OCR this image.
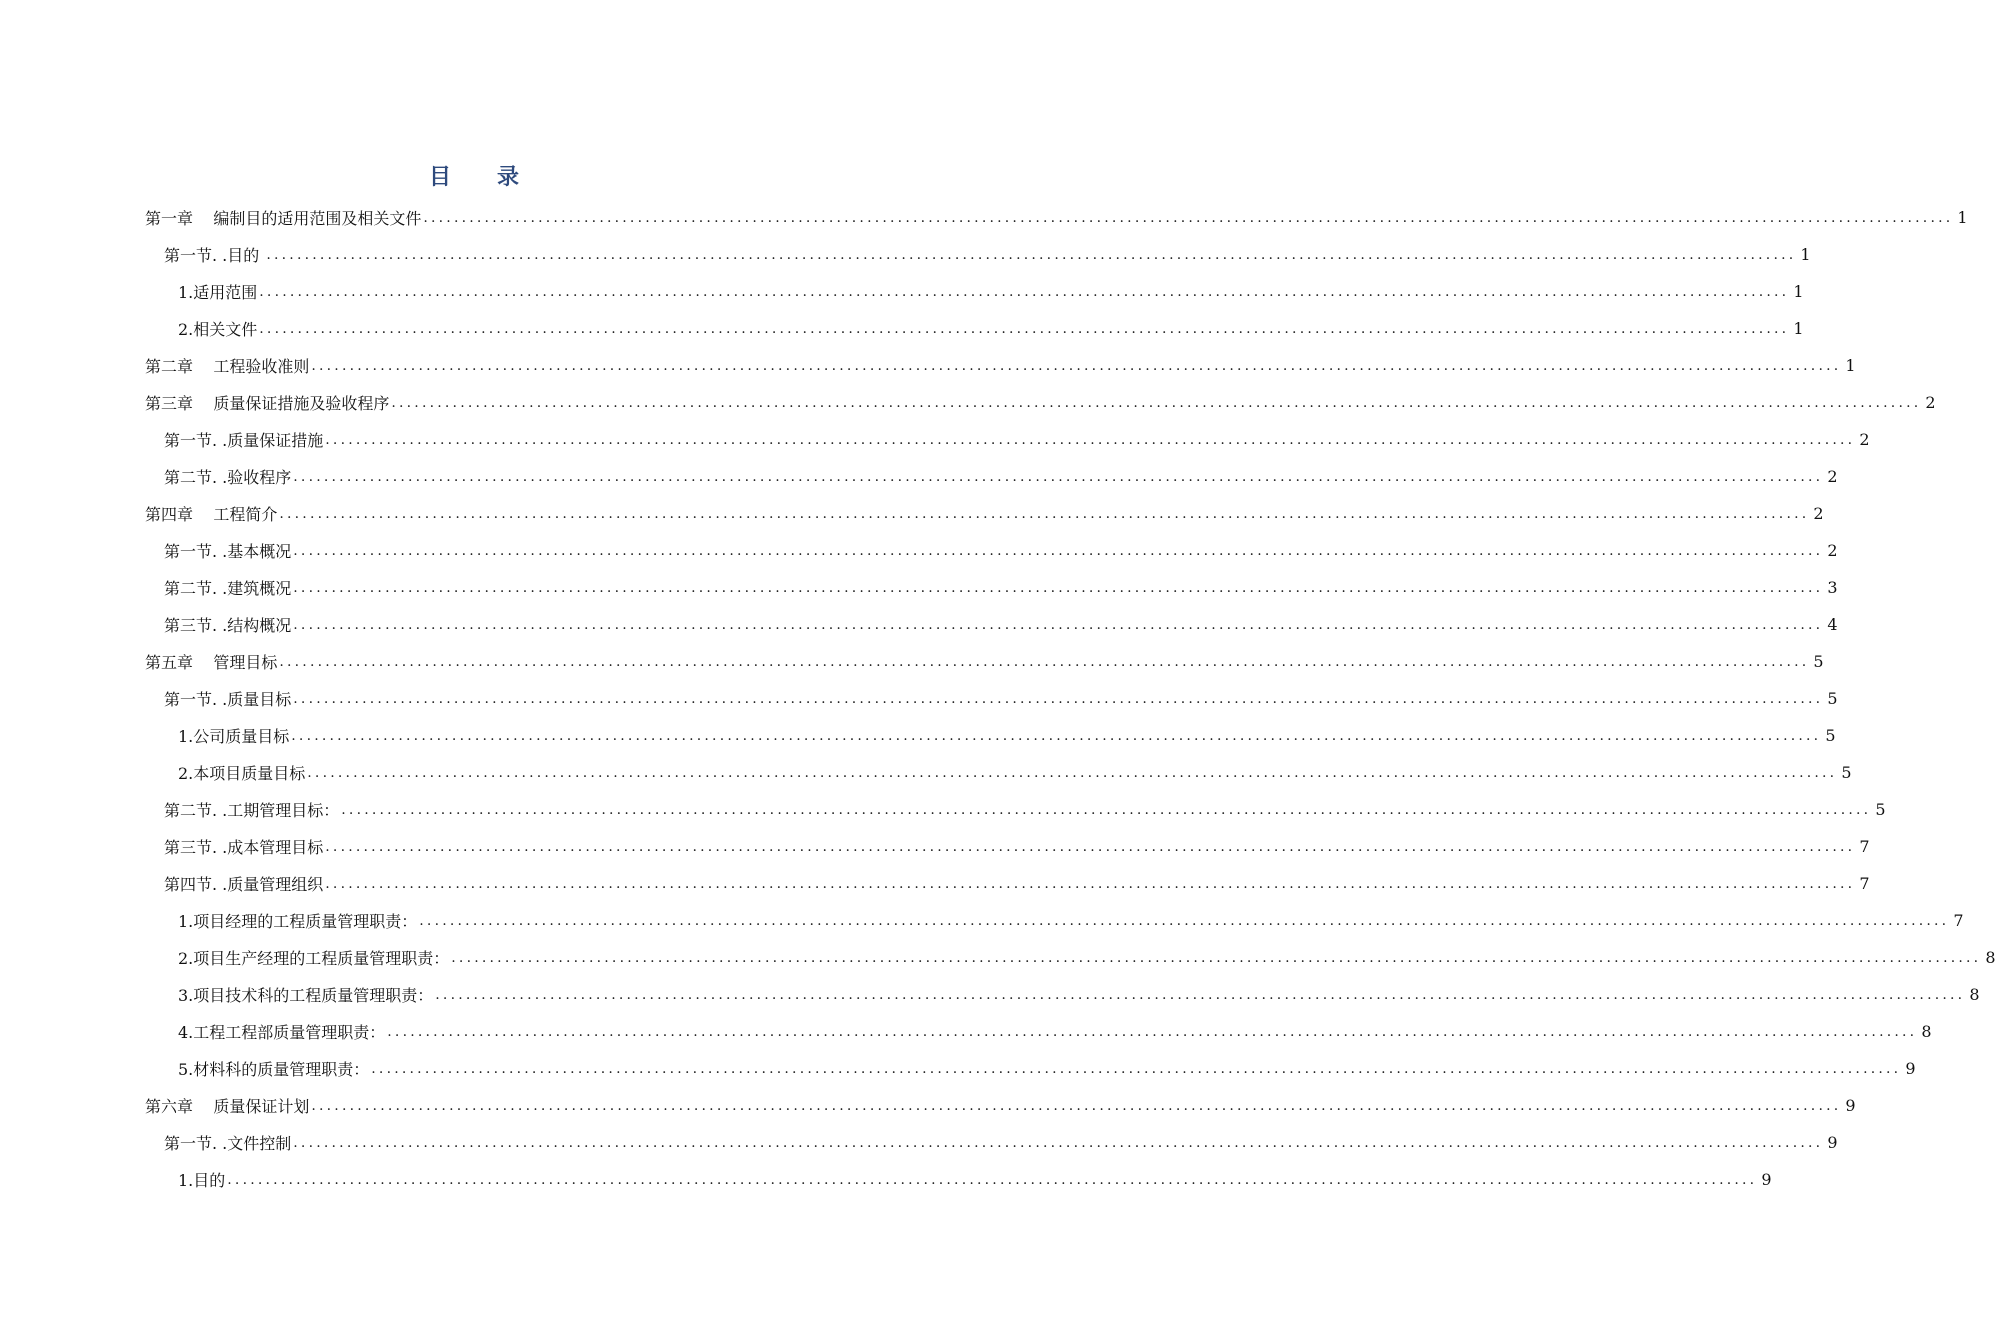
目 录
第一章    编制目的适用范围及相关文件 ........................................................................................................................................................................................................ 1
第一节. .目的 ........................................................................................................................................................................................................ 1
1.适用范围 ........................................................................................................................................................................................................ 1
2.相关文件 ........................................................................................................................................................................................................ 1
第二章    工程验收准则 ........................................................................................................................................................................................................ 1
第三章    质量保证措施及验收程序 ........................................................................................................................................................................................................ 2
第一节. .质量保证措施 ........................................................................................................................................................................................................ 2
第二节. .验收程序 ........................................................................................................................................................................................................ 2
第四章    工程简介 ........................................................................................................................................................................................................ 2
第一节. .基本概况 ........................................................................................................................................................................................................ 2
第二节. .建筑概况 ........................................................................................................................................................................................................ 3
第三节. .结构概况 ........................................................................................................................................................................................................ 4
第五章    管理目标 ........................................................................................................................................................................................................ 5
第一节. .质量目标 ........................................................................................................................................................................................................ 5
1.公司质量目标 ........................................................................................................................................................................................................ 5
2.本项目质量目标 ........................................................................................................................................................................................................ 5
第二节. .工期管理目标： ........................................................................................................................................................................................................ 5
第三节. .成本管理目标 ........................................................................................................................................................................................................ 7
第四节. .质量管理组织 ........................................................................................................................................................................................................ 7
1.项目经理的工程质量管理职责： ........................................................................................................................................................................................................ 7
2.项目生产经理的工程质量管理职责： ........................................................................................................................................................................................................ 8
3.项目技术科的工程质量管理职责： ........................................................................................................................................................................................................ 8
4.工程工程部质量管理职责： ........................................................................................................................................................................................................ 8
5.材料科的质量管理职责： ........................................................................................................................................................................................................ 9
第六章    质量保证计划 ........................................................................................................................................................................................................ 9
第一节. .文件控制 ........................................................................................................................................................................................................ 9
1.目的 ........................................................................................................................................................................................................ 9
